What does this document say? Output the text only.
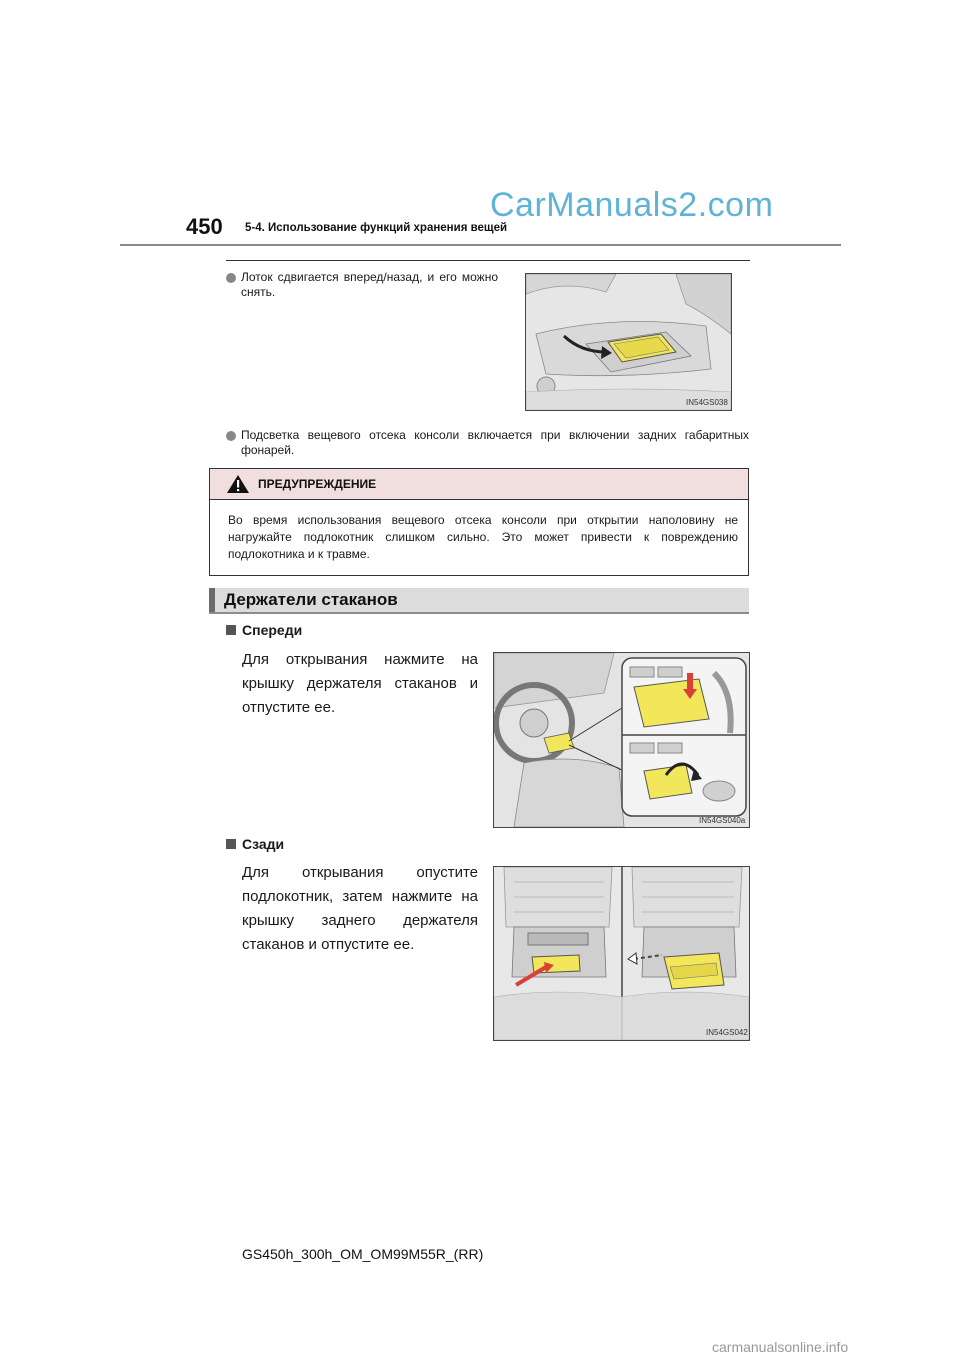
CarManuals2.com
450 5-4. Использование функций хранения вещей
Лоток сдвигается вперед/назад, и его можно снять.
IN54GS038
Подсветка вещевого отсека консоли включается при включении задних габаритных фонарей.
ПРЕДУПРЕЖДЕНИЕ
Во время использования вещевого отсека консоли при открытии наполовину не нагружайте подлокотник слишком сильно. Это может привести к повреждению подлокотника и к травме.
Держатели стаканов
Спереди
Для открывания нажмите на крышку держателя стаканов и отпустите ее.
IN54GS040a
Сзади
Для открывания опустите подлокотник, затем нажмите на крышку заднего держателя стаканов и отпустите ее.
IN54GS042
GS450h_300h_OM_OM99M55R_(RR)
carmanualsonline.info
